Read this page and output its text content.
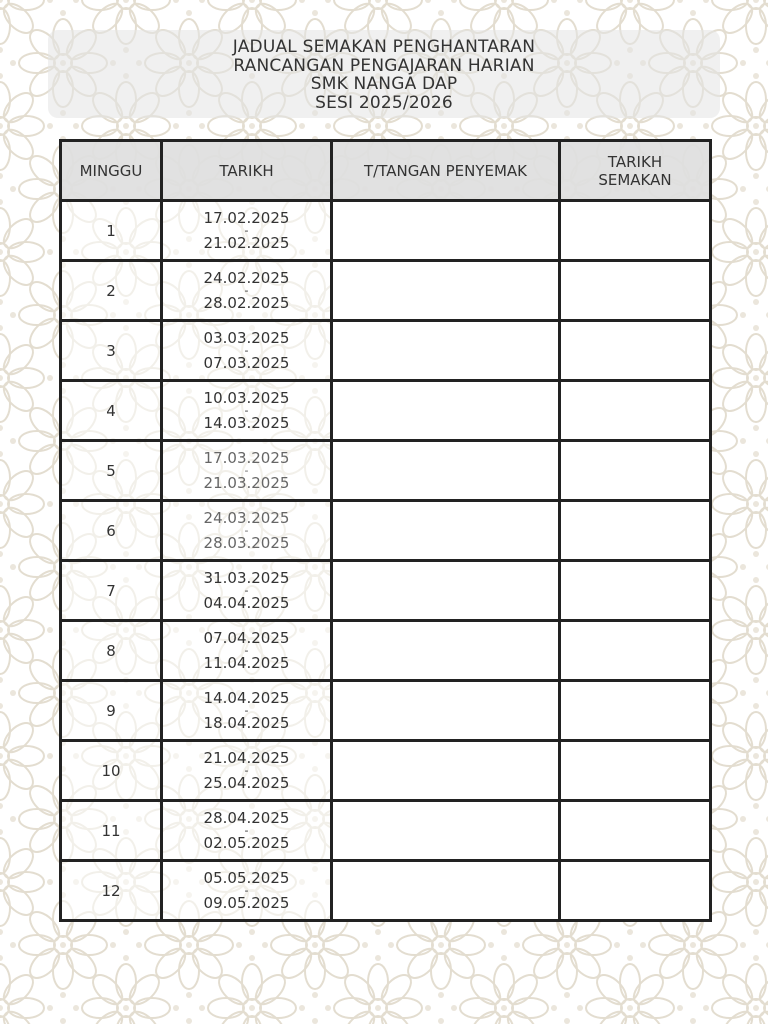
JADUAL SEMAKAN PENGHANTARAN
RANCANGAN PENGAJARAN HARIAN
SMK NANGA DAP
SESI 2025/2026
MINGGU	TARIKH	T/TANGAN PENYEMAK	TARIKH
SEMAKAN

1	17.02.2025
-
21.02.2025		

2	24.02.2025
-
28.02.2025		

3	03.03.2025
-
07.03.2025		

4	10.03.2025
-
14.03.2025		

5	17.03.2025
-
21.03.2025		

6	24.03.2025
-
28.03.2025		

7	31.03.2025
-
04.04.2025		

8	07.04.2025
-
11.04.2025		

9	14.04.2025
-
18.04.2025		

10	21.04.2025
-
25.04.2025		

11	28.04.2025
-
02.05.2025		

12	05.05.2025
-
09.05.2025		
